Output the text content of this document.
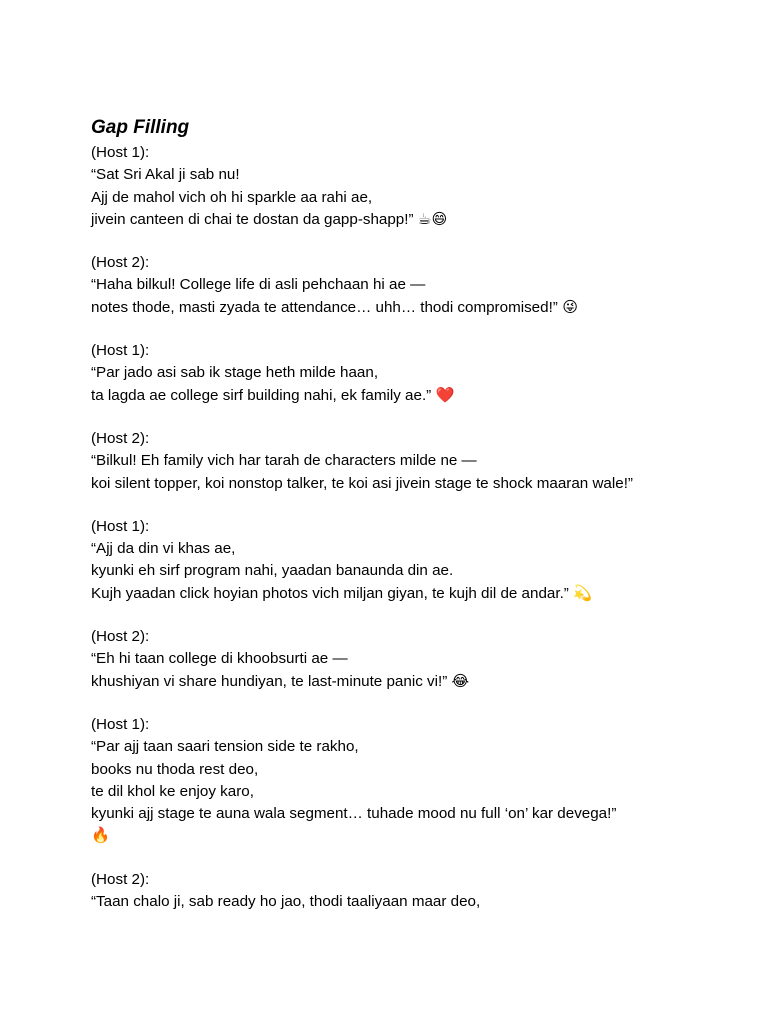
Gap Filling
(Host 1):
“Sat Sri Akal ji sab nu!
Ajj de mahol vich oh hi sparkle aa rahi ae,
jivein canteen di chai te dostan da gapp-shapp!” ☕😄
(Host 2):
“Haha bilkul! College life di asli pehchaan hi ae —
notes thode, masti zyada te attendance… uhh… thodi compromised!” 😜
(Host 1):
“Par jado asi sab ik stage heth milde haan,
ta lagda ae college sirf building nahi, ek family ae.” ❤️
(Host 2):
“Bilkul! Eh family vich har tarah de characters milde ne —
koi silent topper, koi nonstop talker, te koi asi jivein stage te shock maaran wale!”
(Host 1):
“Ajj da din vi khas ae,
kyunki eh sirf program nahi, yaadan banaunda din ae.
Kujh yaadan click hoyian photos vich miljan giyan, te kujh dil de andar.” 💫
(Host 2):
“Eh hi taan college di khoobsurti ae —
khushiyan vi share hundiyan, te last-minute panic vi!” 😂
(Host 1):
“Par ajj taan saari tension side te rakho,
books nu thoda rest deo,
te dil khol ke enjoy karo,
kyunki ajj stage te auna wala segment… tuhade mood nu full ‘on’ kar devega!”
🔥
(Host 2):
“Taan chalo ji, sab ready ho jao, thodi taaliyaan maar deo,
